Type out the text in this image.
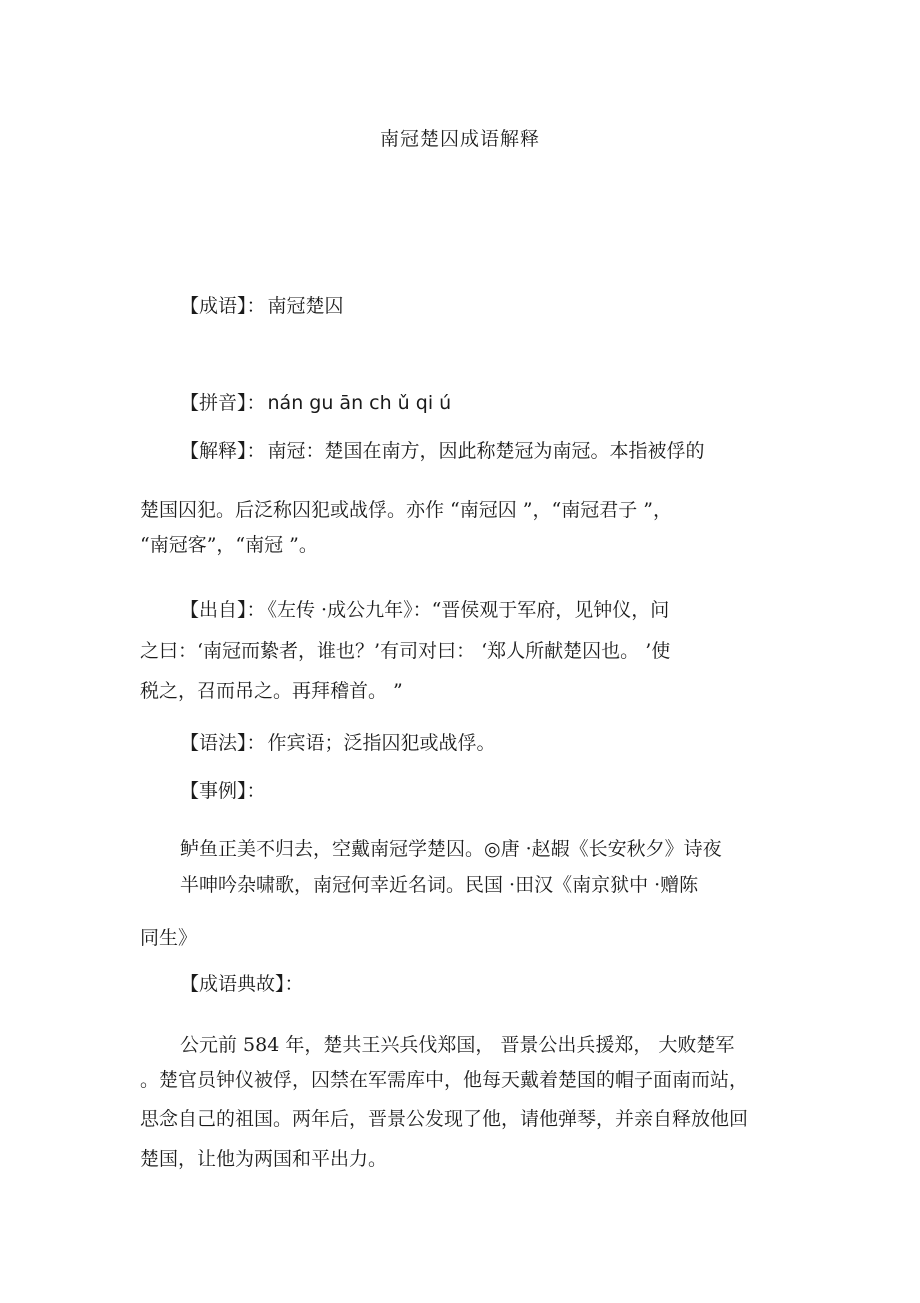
南冠楚囚成语解释
【成语】： 南冠楚囚
【拼音】： nán gu ān ch ǔ qi ú
【解释】： 南冠：楚国在南方，因此称楚冠为南冠。本指被俘的
楚国囚犯。后泛称囚犯或战俘。亦作 “南冠囚 ”，“南冠君子 ”，
“南冠客”，“南冠 ”。
【出自】： 《左传 ·成公九年》：“晋侯观于军府，见钟仪，问
之曰：‘南冠而絷者，谁也？’有司对曰： ‘郑人所献楚囚也。 ’使
税之，召而吊之。再拜稽首。 ”
【语法】： 作宾语；泛指囚犯或战俘。
【事例】：
鲈鱼正美不归去，空戴南冠学楚囚。◎唐 ·赵嘏《长安秋夕》诗夜
半呻吟杂啸歌，南冠何幸近名词。民国 ·田汉《南京狱中 ·赠陈
同生》
【成语典故】：
公元前 584 年，楚共王兴兵伐郑国， 晋景公出兵援郑， 大败楚军
。楚官员钟仪被俘，囚禁在军需库中，他每天戴着楚国的帽子面南而站，
思念自己的祖国。两年后，晋景公发现了他，请他弹琴，并亲自释放他回
楚国，让他为两国和平出力。
